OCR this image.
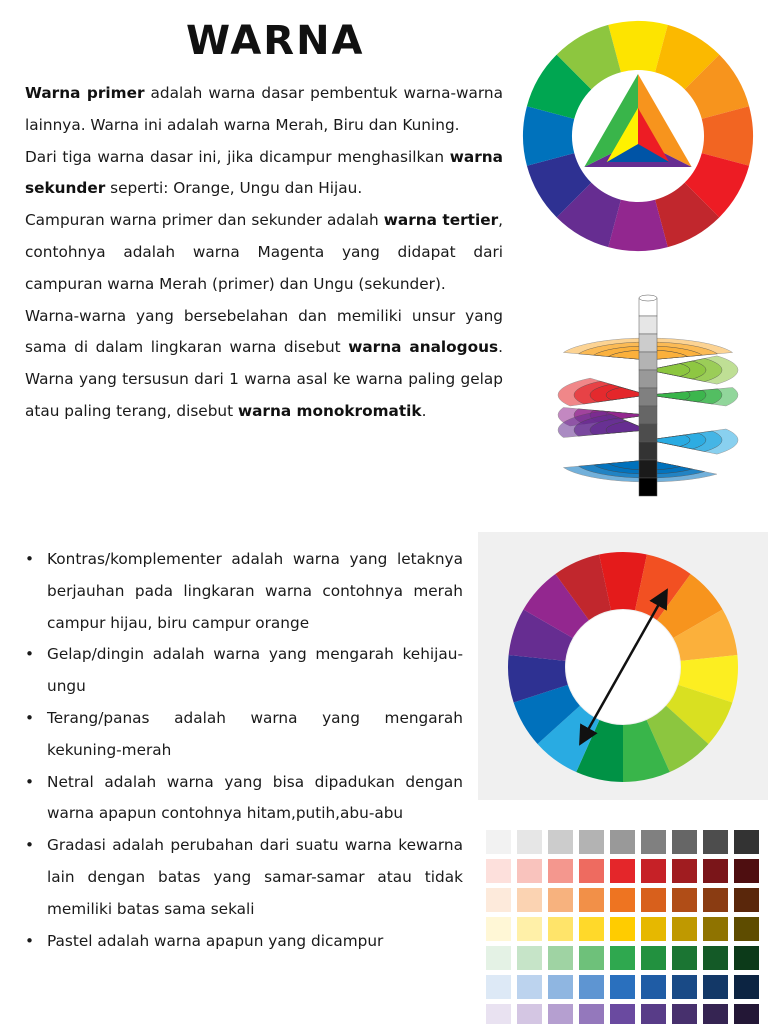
WARNA

Warna primer adalah warna dasar pembentuk warna-warna lainnya. Warna ini adalah warna Merah, Biru dan Kuning.

Dari tiga warna dasar ini, jika dicampur menghasilkan warna sekunder seperti: Orange, Ungu dan Hijau.

Campuran warna primer dan sekunder adalah warna tertier, contohnya adalah warna Magenta yang didapat dari campuran warna Merah (primer) dan Ungu (sekunder).

Warna-warna yang bersebelahan dan memiliki unsur yang sama di dalam lingkaran warna disebut warna analogous. Warna yang tersusun dari 1 warna asal ke warna paling gelap atau paling terang, disebut warna monokromatik.

• Kontras/komplementer adalah warna yang letaknya berjauhan pada lingkaran warna contohnya merah campur hijau, biru campur orange
• Gelap/dingin adalah warna yang mengarah kehijau-ungu
• Terang/panas adalah warna yang mengarah kekuning-merah
• Netral adalah warna yang bisa dipadukan dengan warna apapun contohnya hitam,putih,abu-abu
• Gradasi adalah perubahan dari suatu warna kewarna lain dengan batas yang samar-samar atau tidak memiliki batas sama sekali
• Pastel adalah warna apapun yang dicampur
